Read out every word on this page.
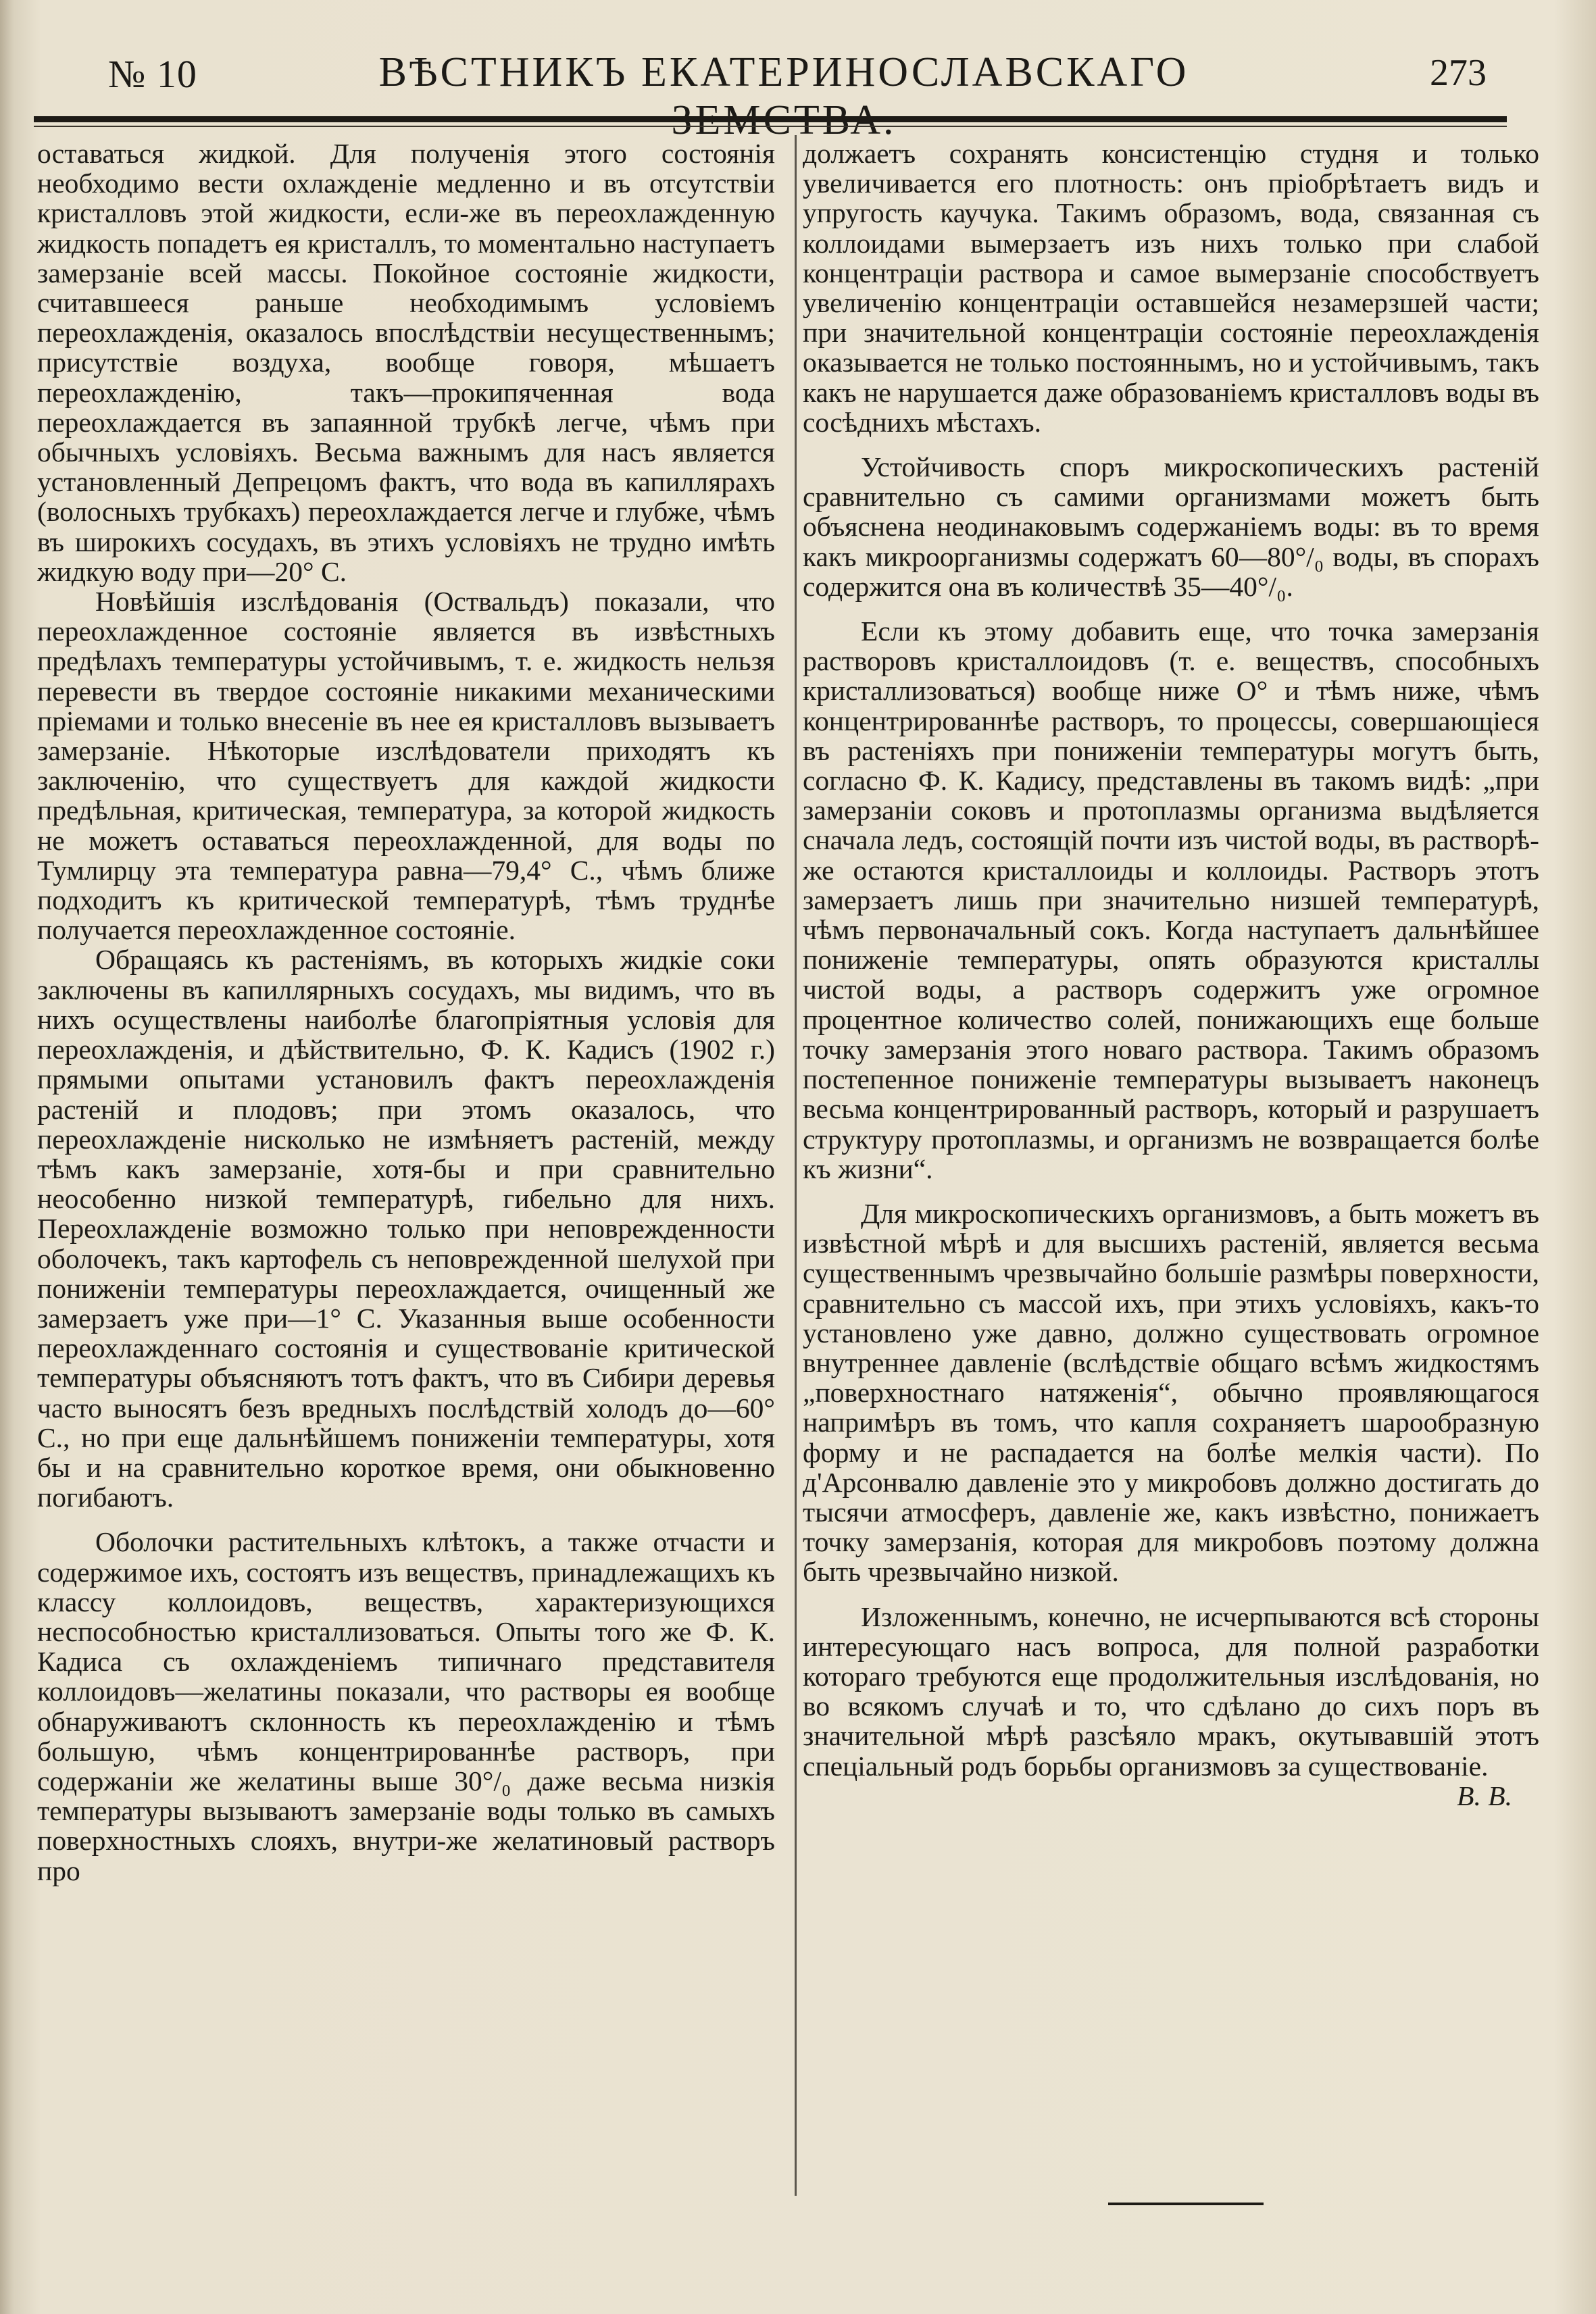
№ 10	ВѢСТНИКЪ ЕКАТЕРИНОСЛАВСКАГО	273

оставаться жидкой. Для полученія этого состоянія необходимо вести охлажденіе медленно и въ отсутствіи кристалловъ этой жидкости, если-же въ переохлажденную жидкость попадетъ ея кристаллъ, то моментально наступаетъ замерзаніе всей массы. Покойное состояніе жидкости, считавшееся раньше необходимымъ условіемъ переохлажденія, оказалось впослѣдствіи несущественнымъ; присутствіе воздуха, вообще говоря, мѣшаетъ переохлажденію, такъ—прокипяченная вода переохлаждается въ запаянной трубкѣ легче, чѣмъ при обычныхъ условіяхъ. Весьма важнымъ для насъ является установленный Депрецомъ фактъ, что вода въ капиллярахъ (волосныхъ трубкахъ) переохлаждается легче и глубже, чѣмъ въ широкихъ сосудахъ, въ этихъ условіяхъ не трудно имѣть жидкую воду при—20° С.

Новѣйшія изслѣдованія (Оствальдъ) показали, что переохлажденное состояніе является въ извѣстныхъ предѣлахъ температуры устойчивымъ, т. е. жидкость нельзя перевести въ твердое состояніе никакими механическими пріемами и только внесеніе въ нее ея кристалловъ вызываетъ замерзаніе. Нѣкоторые изслѣдователи приходятъ къ заключенію, что существуетъ для каждой жидкости предѣльная, критическая, температура, за которой жидкость не можетъ оставаться переохлажденной, для воды по Тумлирцу эта температура равна—79,4° С., чѣмъ ближе подходитъ къ критической температурѣ, тѣмъ труднѣе получается переохлажденное состояніе.

Обращаясь къ растеніямъ, въ которыхъ жидкіе соки заключены въ капиллярныхъ сосудахъ, мы видимъ, что въ нихъ осуществлены наиболѣе благопріятныя условія для переохлажденія, и дѣйствительно, Ф. К. Кадисъ (1902 г.) прямыми опытами установилъ фактъ переохлажденія растеній и плодовъ; при этомъ оказалось, что переохлажденіе нисколько не измѣняетъ растеній, между тѣмъ какъ замерзаніе, хотя-бы и при сравнительно неособенно низкой температурѣ, гибельно для нихъ. Переохлажденіе возможно только при неповрежденности оболочекъ, такъ картофель съ неповрежденной шелухой при пониженіи температуры переохлаждается, очищенный же замерзаетъ уже при—1° С. Указанныя выше особенности переохлажденнаго состоянія и существованіе критической температуры объясняютъ тотъ фактъ, что въ Сибири деревья часто выносятъ безъ вредныхъ послѣдствій холодъ до—60° С., но при еще дальнѣйшемъ пониженіи температуры, хотя бы и на сравнительно короткое время, они обыкновенно погибаютъ.

Оболочки растительныхъ клѣтокъ, а также отчасти и содержимое ихъ, состоятъ изъ веществъ, принадлежащихъ къ классу коллоидовъ, веществъ, характеризующихся неспособностью кристаллизоваться. Опыты того же Ф. К. Кадиса съ охлажденіемъ типичнаго представителя коллоидовъ—желатины показали, что растворы ея вообще обнаруживаютъ склонность къ переохлажденію и тѣмъ большую, чѣмъ концентрированнѣе растворъ, при содержаніи же желатины выше 30°/₀ даже весьма низкія температуры вызываютъ замерзаніе воды только въ самыхъ поверхностныхъ слояхъ, внутри-же желатиновый растворъ про

должаетъ сохранять консистенцію студня и только увеличивается его плотность: онъ пріобрѣтаетъ видъ и упругость каучука. Такимъ образомъ, вода, связанная съ коллоидами вымерзаетъ изъ нихъ только при слабой концентраціи раствора и самое вымерзаніе способствуетъ увеличенію концентраціи оставшейся незамерзшей части; при значительной концентраціи состояніе переохлажденія оказывается не только постояннымъ, но и устойчивымъ, такъ какъ не нарушается даже образованіемъ кристалловъ воды въ сосѣднихъ мѣстахъ.

Устойчивость споръ микроскопическихъ растеній сравнительно съ самими организмами можетъ быть объяснена неодинаковымъ содержаніемъ воды: въ то время какъ микроорганизмы содержатъ 60—80°/₀ воды, въ спорахъ содержится она въ количествѣ 35—40°/₀.

Если къ этому добавить еще, что точка замерзанія растворовъ кристаллоидовъ (т. е. веществъ, способныхъ кристаллизоваться) вообще ниже О° и тѣмъ ниже, чѣмъ концентрированнѣе растворъ, то процессы, совершающіеся въ растеніяхъ при пониженіи температуры могутъ быть, согласно Ф. К. Кадису, представлены въ такомъ видѣ: „при замерзаніи соковъ и протоплазмы организма выдѣляется сначала ледъ, состоящій почти изъ чистой воды, въ растворѣ-же остаются кристаллоиды и коллоиды. Растворъ этотъ замерзаетъ лишь при значительно низшей температурѣ, чѣмъ первоначальный сокъ. Когда наступаетъ дальнѣйшее пониженіе температуры, опять образуются кристаллы чистой воды, а растворъ содержитъ уже огромное процентное количество солей, понижающихъ еще больше точку замерзанія этого новаго раствора. Такимъ образомъ постепенное пониженіе температуры вызываетъ наконецъ весьма концентрированный растворъ, который и разрушаетъ структуру протоплазмы, и организмъ не возвращается болѣе къ жизни“.

Для микроскопическихъ организмовъ, а быть можетъ въ извѣстной мѣрѣ и для высшихъ растеній, является весьма существеннымъ чрезвычайно большіе размѣры поверхности, сравнительно съ массой ихъ, при этихъ условіяхъ, какъ-то установлено уже давно, должно существовать огромное внутреннее давленіе (вслѣдствіе общаго всѣмъ жидкостямъ „поверхностнаго натяженія“, обычно проявляющагося напримѣръ въ томъ, что капля сохраняетъ шарообразную форму и не распадается на болѣе мелкія части). По д'Арсонвалю давленіе это у микробовъ должно достигать до тысячи атмосферъ, давленіе же, какъ извѣстно, понижаетъ точку замерзанія, которая для микробовъ поэтому должна быть чрезвычайно низкой.

Изложеннымъ, конечно, не исчерпываются всѣ стороны интересующаго насъ вопроса, для полной разработки котораго требуются еще продолжительныя изслѣдованія, но во всякомъ случаѣ и то, что сдѣлано до сихъ поръ въ значительной мѣрѣ разсѣяло мракъ, окутывавшій этотъ спеціальный родъ борьбы организмовъ за существованіе.

В. В.
